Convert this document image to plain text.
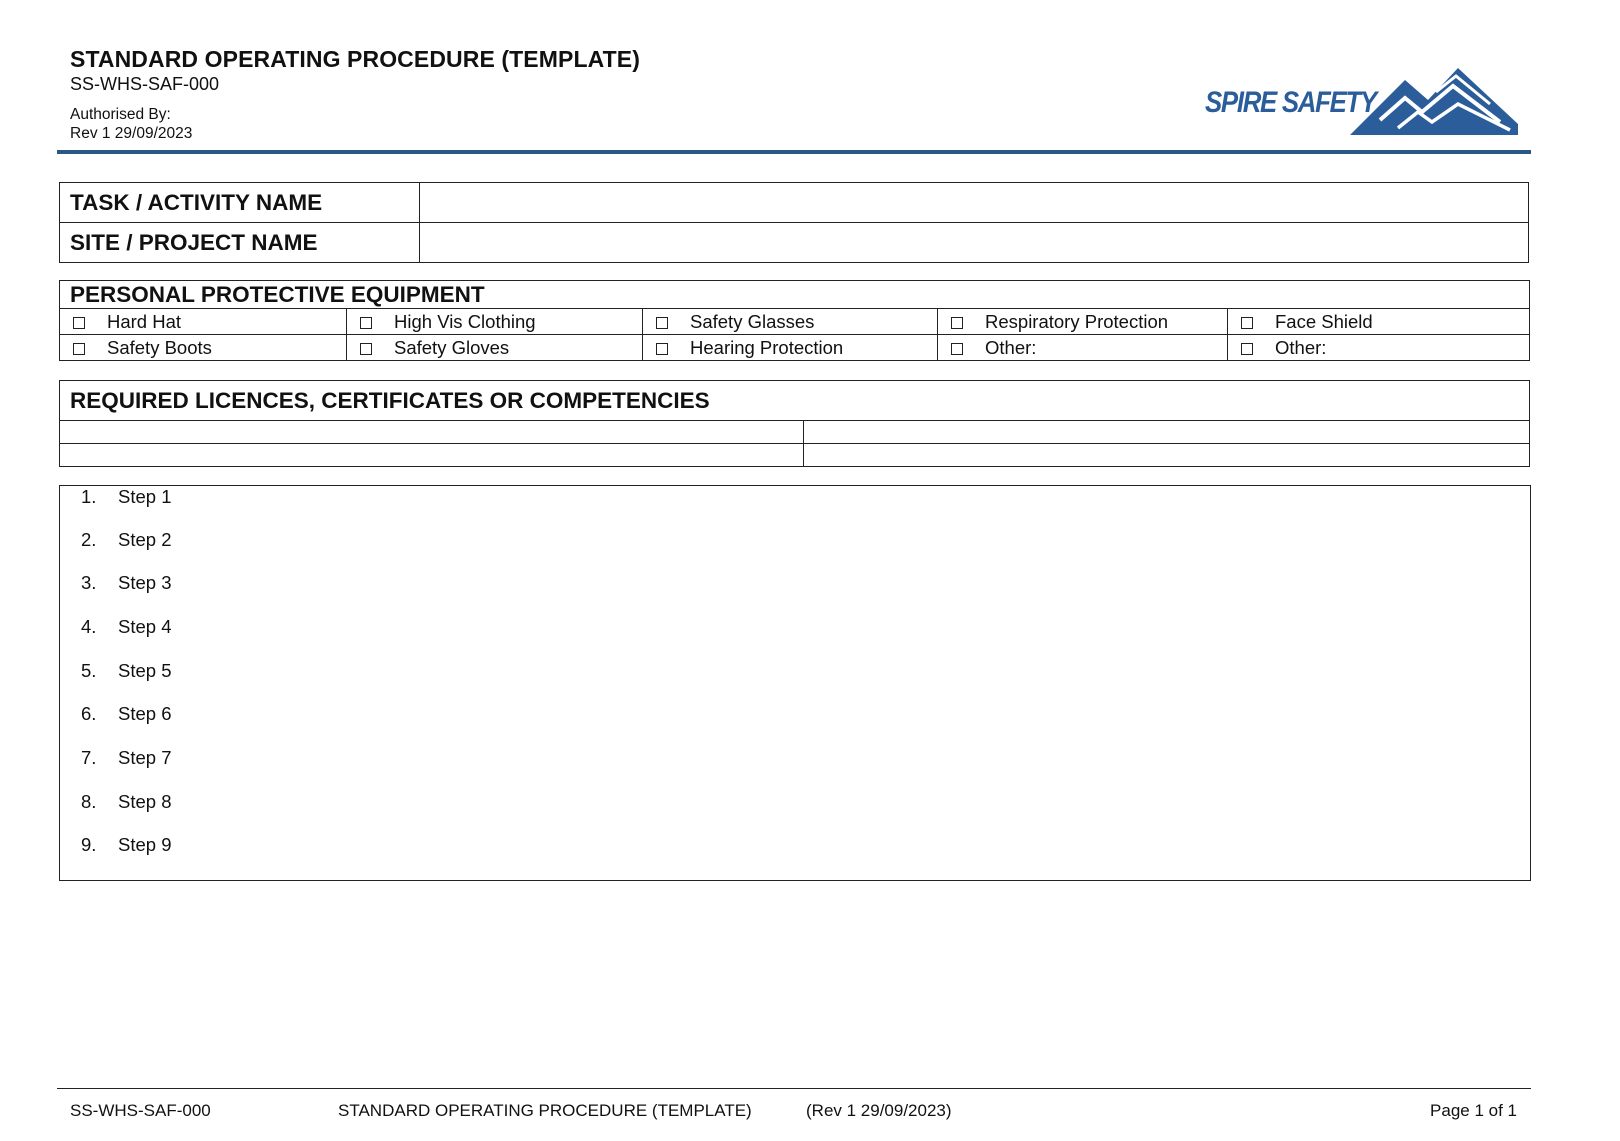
STANDARD OPERATING PROCEDURE (TEMPLATE)
SS-WHS-SAF-000
Authorised By:
Rev 1 29/09/2023
SPIRE SAFETY
TASK / ACTIVITY NAME	
SITE / PROJECT NAME	
PERSONAL PROTECTIVE EQUIPMENT				
Hard Hat	High Vis Clothing	Safety Glasses	Respiratory Protection	Face Shield
Safety Boots	Safety Gloves	Hearing Protection	Other:	Other:
REQUIRED LICENCES, CERTIFICATES OR COMPETENCIES	

1.	Step 1
2.	Step 2
3.	Step 3
4.	Step 4
5.	Step 5
6.	Step 6
7.	Step 7
8.	Step 8
9.	Step 9
SS-WHS-SAF-000	STANDARD OPERATING PROCEDURE (TEMPLATE)	(Rev 1 29/09/2023)	Page 1 of 1
